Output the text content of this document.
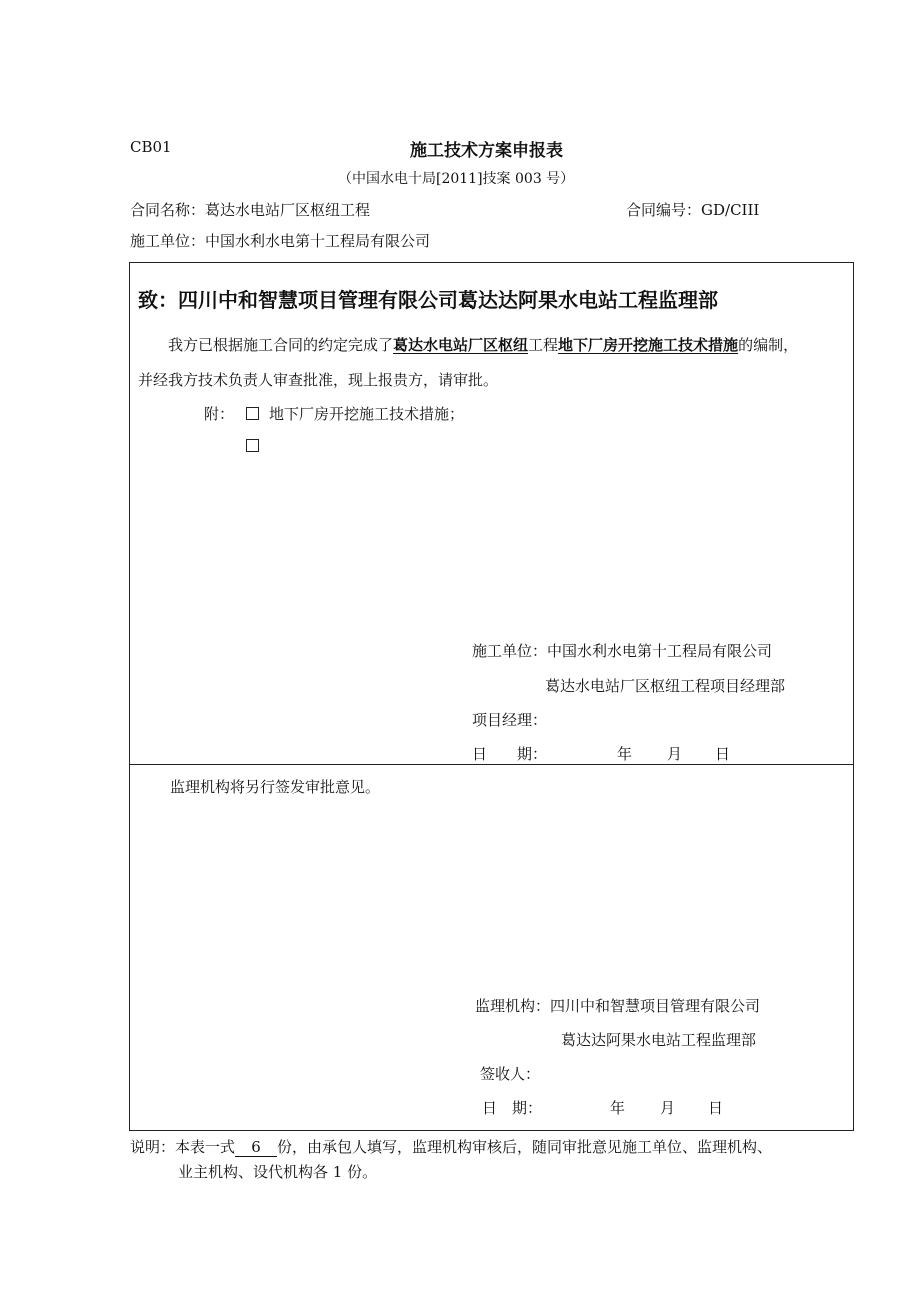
CB01	施工技术方案申报表
（中国水电十局[2011]技案 003 号）
合同名称：葛达水电站厂区枢纽工程	合同编号：GD/CIII
施工单位：中国水利水电第十工程局有限公司
致：四川中和智慧项目管理有限公司葛达达阿果水电站工程监理部
我方已根据施工合同的约定完成了葛达水电站厂区枢纽工程地下厂房开挖施工技术措施的编制，
并经我方技术负责人审查批准，现上报贵方，请审批。
附：	地下厂房开挖施工技术措施；
施工单位：中国水利水电第十工程局有限公司
葛达水电站厂区枢纽工程项目经理部
项目经理：
日　　期：	年 月 日
监理机构将另行签发审批意见。
监理机构：四川中和智慧项目管理有限公司
葛达达阿果水电站工程监理部
签收人：
日　期：	年 月 日
说明：本表一式 6 份，由承包人填写，监理机构审核后，随同审批意见施工单位、监理机构、
业主机构、设代机构各 1 份。
